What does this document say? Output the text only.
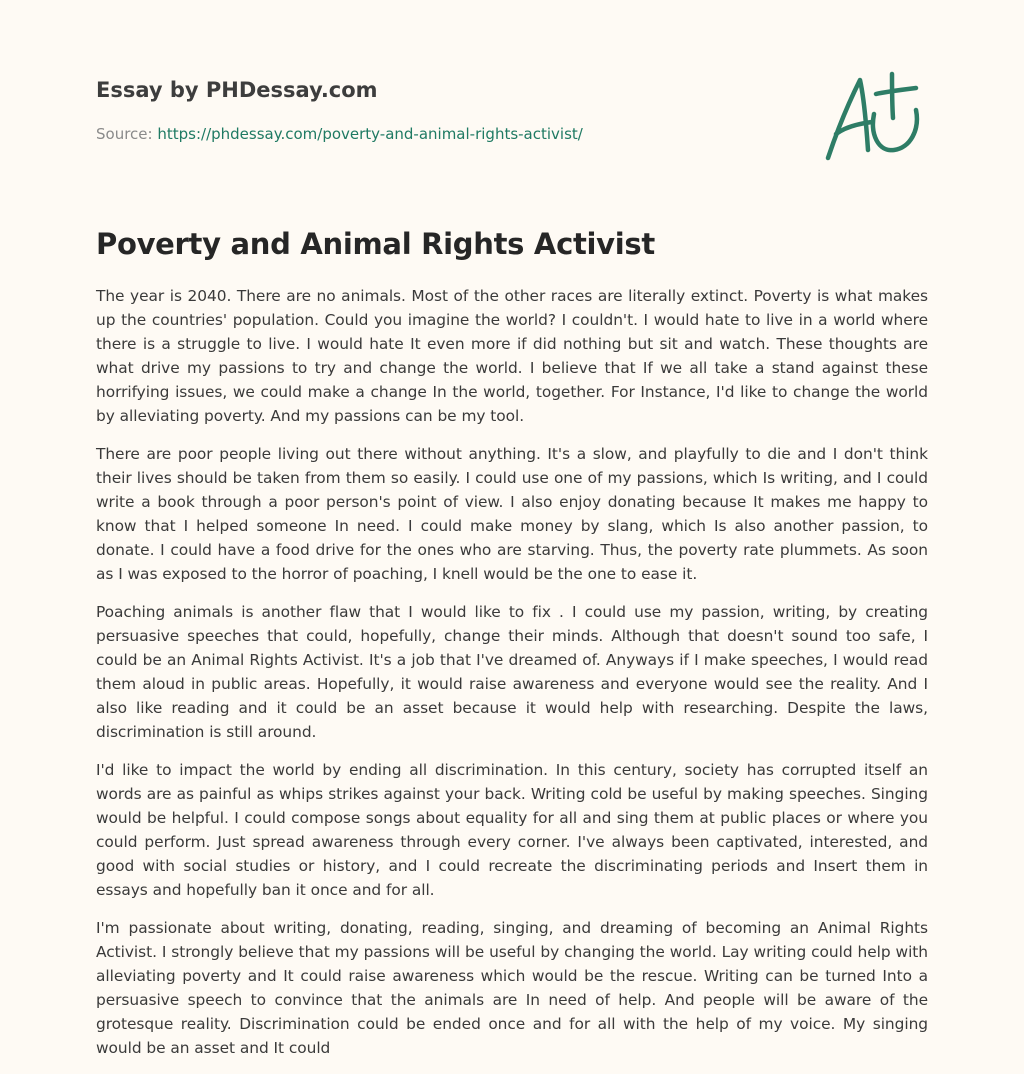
Essay by PHDessay.com
Source: https://phdessay.com/poverty-and-animal-rights-activist/
Poverty and Animal Rights Activist

The year is 2040. There are no animals. Most of the other races are literally extinct. Poverty is what makes up the countries' population. Could you imagine the world? I couldn't. I would hate to live in a world where there is a struggle to live. I would hate It even more if did nothing but sit and watch. These thoughts are what drive my passions to try and change the world. I believe that If we all take a stand against these horrifying issues, we could make a change In the world, together. For Instance, I'd like to change the world by alleviating poverty. And my passions can be my tool.

There are poor people living out there without anything. It's a slow, and playfully to die and I don't think their lives should be taken from them so easily. I could use one of my passions, which Is writing, and I could write a book through a poor person's point of view. I also enjoy donating because It makes me happy to know that I helped someone In need. I could make money by slang, which Is also another passion, to donate. I could have a food drive for the ones who are starving. Thus, the poverty rate plummets. As soon as I was exposed to the horror of poaching, I knell would be the one to ease it.

Poaching animals is another flaw that I would like to fix . I could use my passion, writing, by creating persuasive speeches that could, hopefully, change their minds. Although that doesn't sound too safe, I could be an Animal Rights Activist. It's a job that I've dreamed of. Anyways if I make speeches, I would read them aloud in public areas. Hopefully, it would raise awareness and everyone would see the reality. And I also like reading and it could be an asset because it would help with researching. Despite the laws, discrimination is still around.

I'd like to impact the world by ending all discrimination. In this century, society has corrupted itself an words are as painful as whips strikes against your back. Writing cold be useful by making speeches. Singing would be helpful. I could compose songs about equality for all and sing them at public places or where you could perform. Just spread awareness through every corner. I've always been captivated, interested, and good with social studies or history, and I could recreate the discriminating periods and Insert them in essays and hopefully ban it once and for all.

I'm passionate about writing, donating, reading, singing, and dreaming of becoming an Animal Rights Activist. I strongly believe that my passions will be useful by changing the world. Lay writing could help with alleviating poverty and It could raise awareness which would be the rescue. Writing can be turned Into a persuasive speech to convince that the animals are In need of help. And people will be aware of the grotesque reality. Discrimination could be ended once and for all with the help of my voice. My singing would be an asset and It could
